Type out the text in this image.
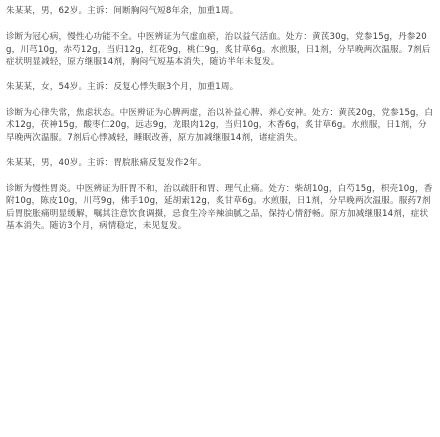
朱某某，男，62岁。主诉：间断胸闷气短8年余，加重1周。

诊断为冠心病，慢性心功能不全。中医辨证为气虚血瘀，治以益气活血。处方：黄芪30g，党参15g，丹参20g，川芎10g，赤芍12g，当归12g，红花9g，桃仁9g，炙甘草6g。水煎服，日1剂，分早晚两次温服。7剂后症状明显减轻，原方继服14剂，胸闷气短基本消失，随访半年未复发。

朱某某，女，54岁。主诉：反复心悸失眠3个月，加重1周。

诊断为心律失常，焦虑状态。中医辨证为心脾两虚，治以补益心脾、养心安神。处方：黄芪20g，党参15g，白术12g，茯神15g，酸枣仁20g，远志9g，龙眼肉12g，当归10g，木香6g，炙甘草6g。水煎服，日1剂，分早晚两次温服。7剂后心悸减轻，睡眠改善，原方加减继服14剂，诸症消失。

朱某某，男，40岁。主诉：胃脘胀痛反复发作2年。

诊断为慢性胃炎。中医辨证为肝胃不和，治以疏肝和胃、理气止痛。处方：柴胡10g，白芍15g，枳壳10g，香附10g，陈皮10g，川芎9g，佛手10g，延胡索12g，炙甘草6g。水煎服，日1剂，分早晚两次温服。服药7剂后胃脘胀痛明显缓解，嘱其注意饮食调摄，忌食生冷辛辣油腻之品，保持心情舒畅。原方加减继服14剂，症状基本消失。随访3个月，病情稳定，未见复发。
